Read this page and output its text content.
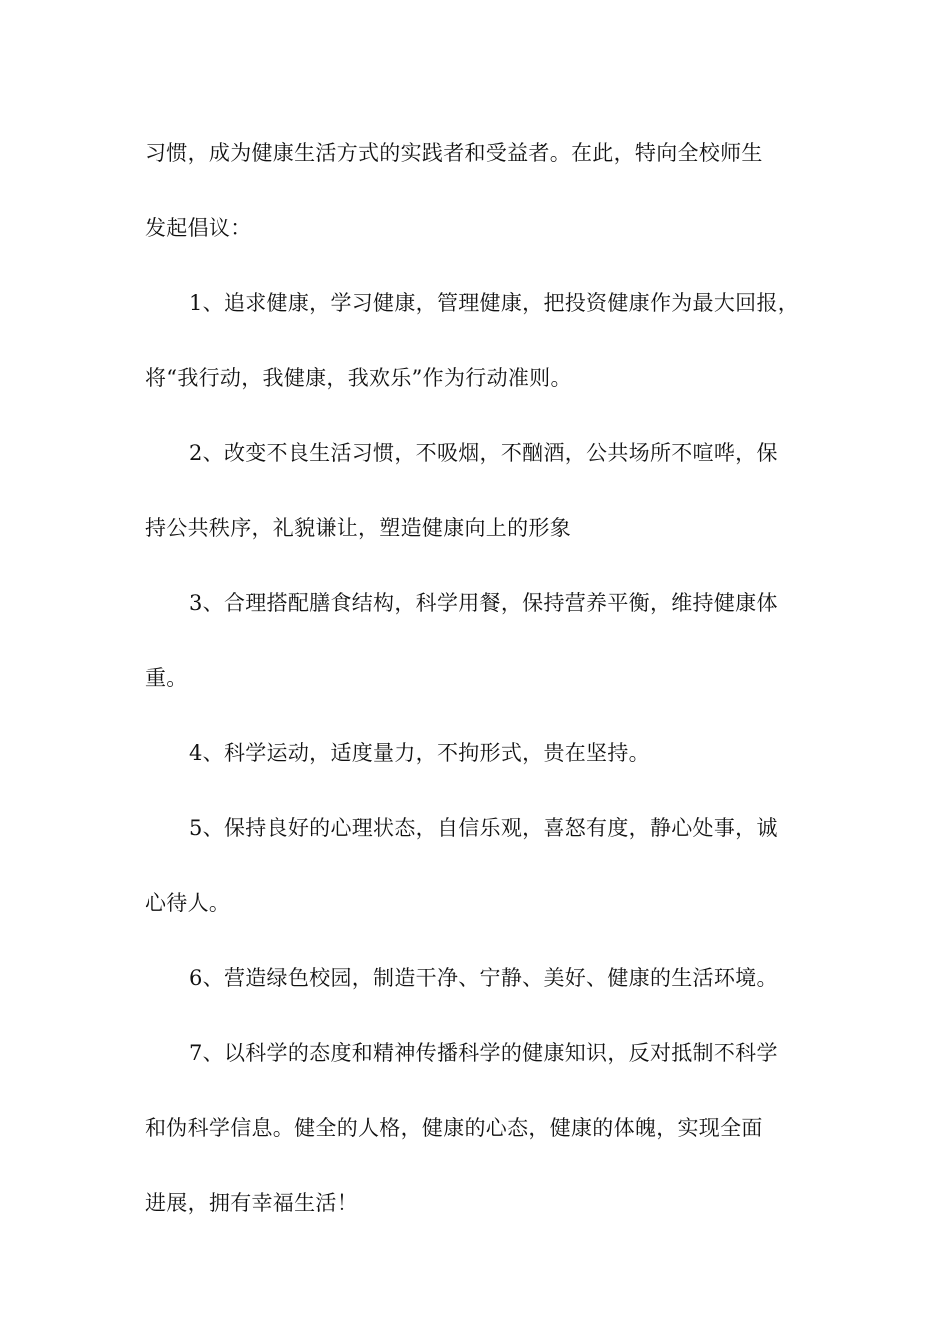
习惯，成为健康生活方式的实践者和受益者。在此，特向全校师生
发起倡议：
1、追求健康，学习健康，管理健康，把投资健康作为最大回报，
将“我行动，我健康，我欢乐”作为行动准则。
2、改变不良生活习惯，不吸烟，不酗酒，公共场所不喧哗，保
持公共秩序，礼貌谦让，塑造健康向上的形象
3、合理搭配膳食结构，科学用餐，保持营养平衡，维持健康体
重。
4、科学运动，适度量力，不拘形式，贵在坚持。
5、保持良好的心理状态，自信乐观，喜怒有度，静心处事，诚
心待人。
6、营造绿色校园，制造干净、宁静、美好、健康的生活环境。
7、以科学的态度和精神传播科学的健康知识，反对抵制不科学
和伪科学信息。健全的人格，健康的心态，健康的体魄，实现全面
进展，拥有幸福生活！
